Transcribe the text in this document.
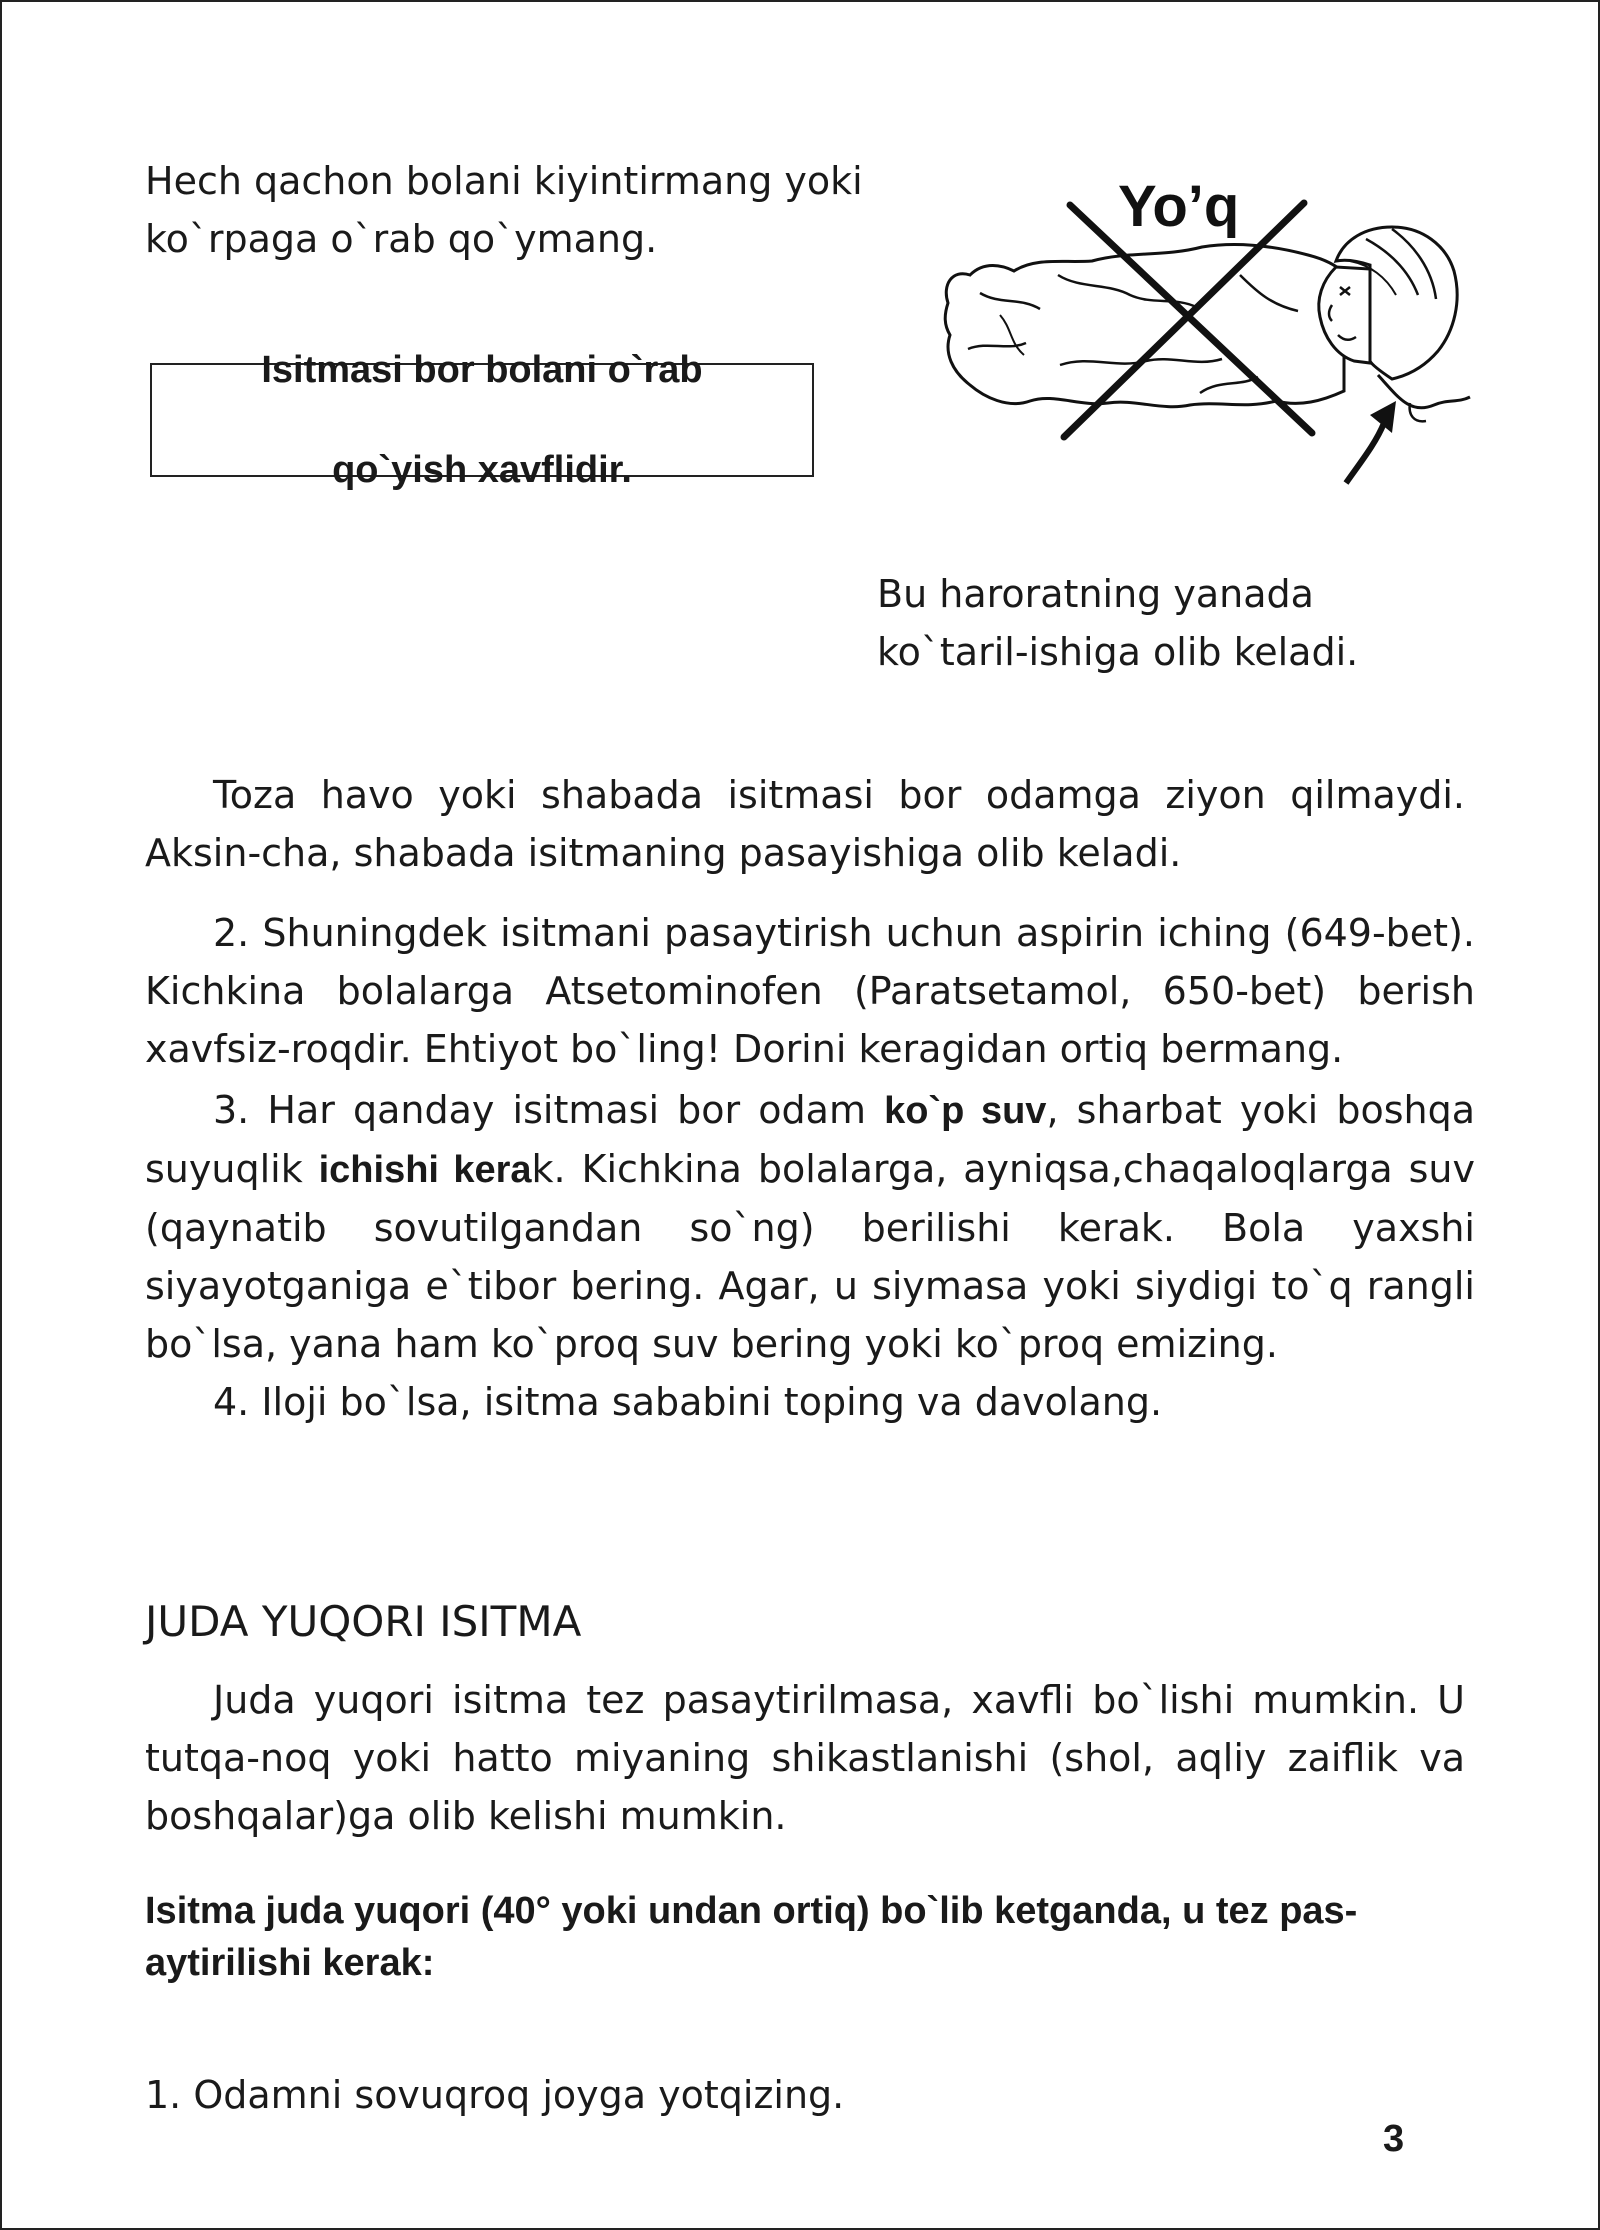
Hech qachon bolani kiyintirmang yoki
ko`rpaga o`rab qo`ymang.

Isitmasi bor bolani o`rab

qo`yish xavflidir.
Yo’q

Bu haroratning yanada
ko`taril-ishiga olib keladi.

Toza havo yoki shabada isitmasi bor odamga ziyon qilmaydi. Aksin-cha, shabada isitmaning pasayishiga olib keladi.

2. Shuningdek isitmani pasaytirish uchun aspirin iching (649-bet). Kichkina bolalarga Atsetominofen (Paratsetamol, 650-bet) berish xavfsiz-roqdir. Ehtiyot bo`ling! Dorini keragidan ortiq bermang.

3. Har qanday isitmasi bor odam ko`p suv, sharbat yoki boshqa suyuqlik ichishi kerak. Kichkina bolalarga, ayniqsa,chaqaloqlarga suv (qaynatib sovutilgandan so`ng) berilishi kerak. Bola yaxshi siyayotganiga e`tibor bering. Agar, u siymasa yoki siydigi to`q rangli bo`lsa, yana ham ko`proq suv bering yoki ko`proq emizing.

4. Iloji bo`lsa, isitma sababini toping va davolang.

JUDA YUQORI ISITMA

Juda yuqori isitma tez pasaytirilmasa, xavfli bo`lishi mumkin. U tutqa-noq yoki hatto miyaning shikastlanishi (shol, aqliy zaiflik va boshqalar)ga olib kelishi mumkin.

Isitma juda yuqori (40° yoki undan ortiq) bo`lib ketganda, u tez pas-aytirilishi kerak:

1. Odamni sovuqroq joyga yotqizing.

3
